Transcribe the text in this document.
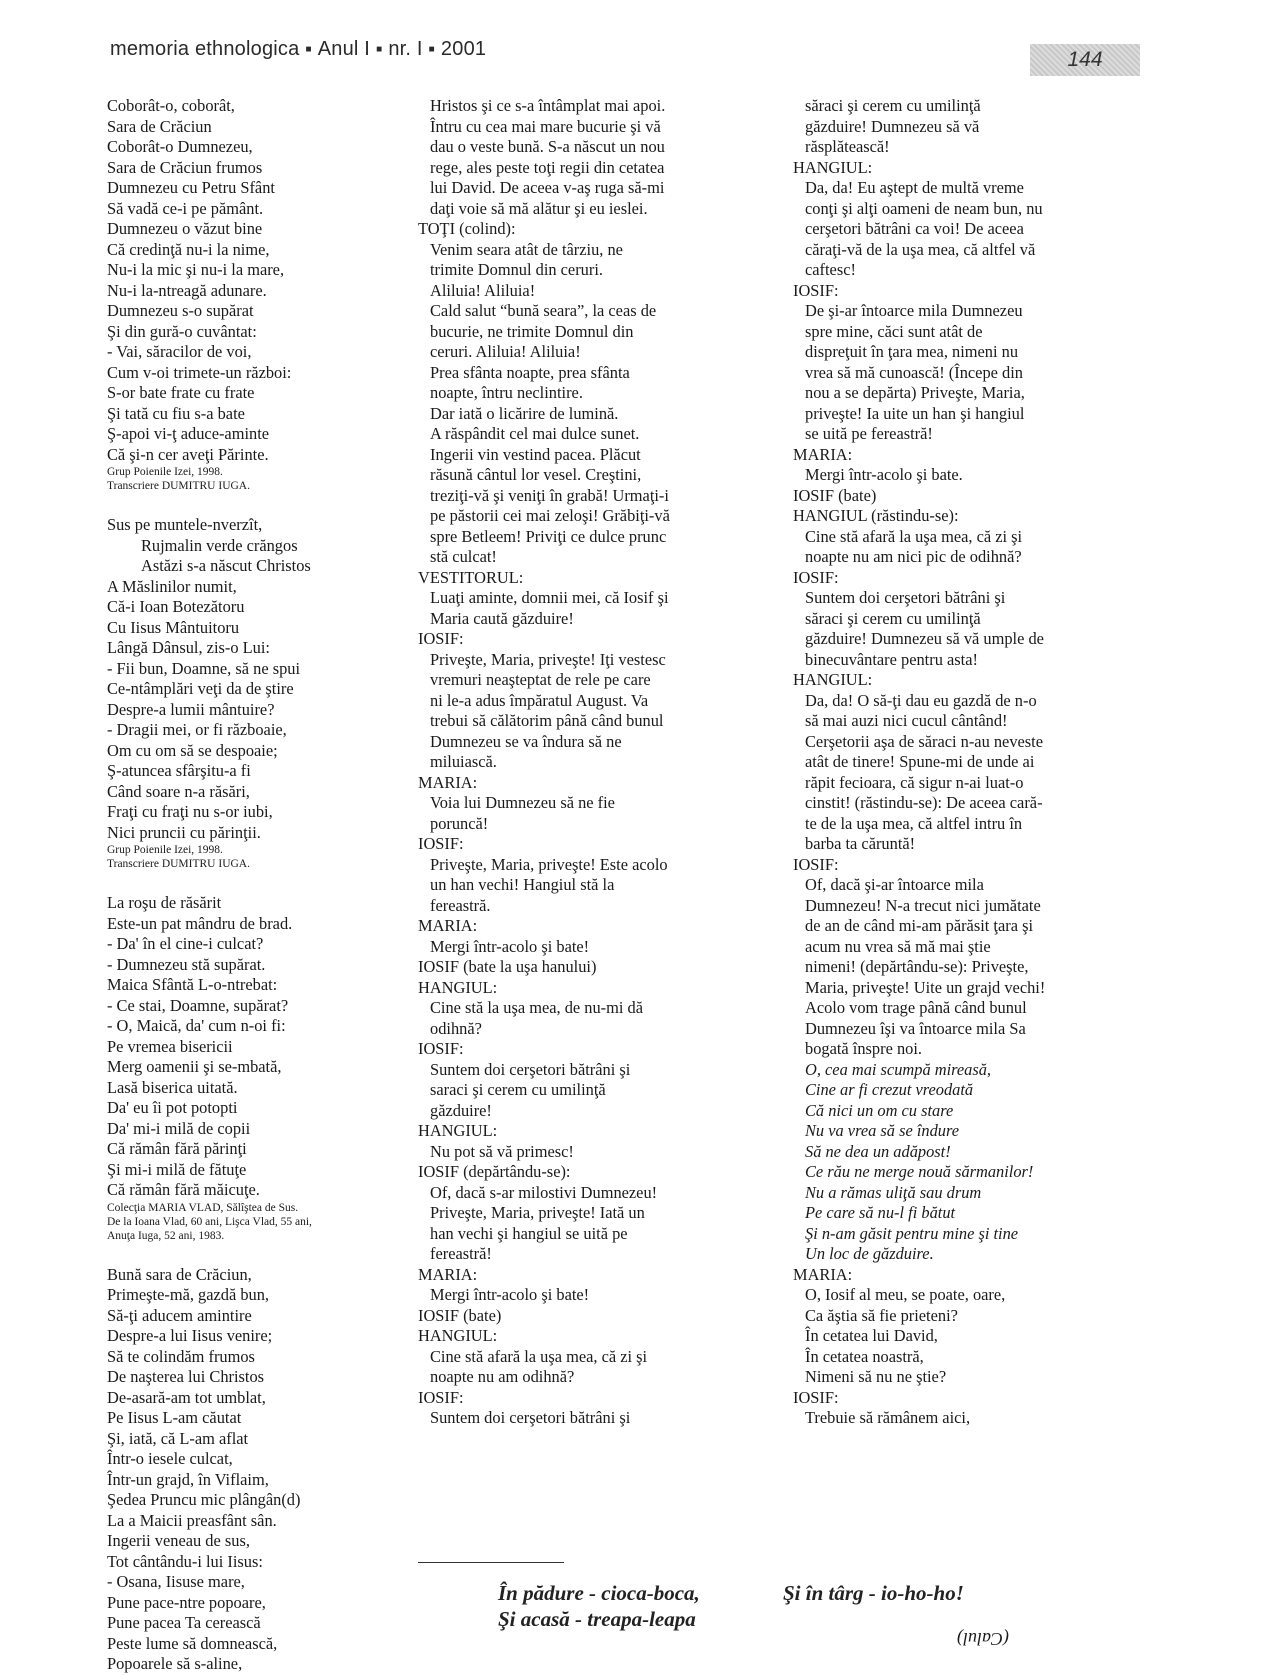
memoria ethnologica ■ Anul I ■ nr. I ■ 2001	144
Coborât-o, coborât,
Sara de Crăciun
Coborât-o Dumnezeu,
Sara de Crăciun frumos
Dumnezeu cu Petru Sfânt
Să vadă ce-i pe pământ.
Dumnezeu o văzut bine
Că credinţă nu-i la nime,
Nu-i la mic şi nu-i la mare,
Nu-i la-ntreagă adunare.
Dumnezeu s-o supărat
Şi din gură-o cuvântat:
- Vai, săracilor de voi,
Cum v-oi trimete-un război:
S-or bate frate cu frate
Şi tată cu fiu s-a bate
Ş-apoi vi-ţ aduce-aminte
Că şi-n cer aveţi Părinte.
Grup Poienile Izei, 1998.
Transcriere DUMITRU IUGA.
Sus pe muntele-nverzît,
Rujmalin verde crăngos
Astăzi s-a născut Christos
A Măslinilor numit,
Că-i Ioan Botezătoru
Cu Iisus Mântuitoru
Lângă Dânsul, zis-o Lui:
- Fii bun, Doamne, să ne spui
Ce-ntâmplări veţi da de ştire
Despre-a lumii mântuire?
- Dragii mei, or fi războaie,
Om cu om să se despoaie;
Ş-atuncea sfârşitu-a fi
Când soare n-a răsări,
Fraţi cu fraţi nu s-or iubi,
Nici pruncii cu părinţii.
Grup Poienile Izei, 1998.
Transcriere DUMITRU IUGA.
La roşu de răsărit
Este-un pat mândru de brad.
- Da' în el cine-i culcat?
- Dumnezeu stă supărat.
Maica Sfântă L-o-ntrebat:
- Ce stai, Doamne, supărat?
- O, Maică, da' cum n-oi fi:
Pe vremea bisericii
Merg oamenii şi se-mbată,
Lasă biserica uitată.
Da' eu îi pot potopti
Da' mi-i milă de copii
Că rămân fără părinţi
Şi mi-i milă de fătuţe
Că rămân fără măicuţe.
Colecţia MARIA VLAD, Sălîştea de Sus.
De la Ioana Vlad, 60 ani, Lişca Vlad, 55 ani,
Anuţa Iuga, 52 ani, 1983.
Bună sara de Crăciun,
Primeşte-mă, gazdă bun,
Să-ţi aducem amintire
Despre-a lui Iisus venire;
Să te colindăm frumos
De naşterea lui Christos
De-asară-am tot umblat,
Pe Iisus L-am căutat
Şi, iată, că L-am aflat
Într-o iesele culcat,
Într-un grajd, în Viflaim,
Şedea Pruncu mic plângân(d)
La a Maicii preasfânt sân.
Ingerii veneau de sus,
Tot cântându-i lui Iisus:
- Osana, Iisuse mare,
Pune pace-ntre popoare,
Pune pacea Ta cerească
Peste lume să domnească,
Popoarele să s-aline,
Hristos şi ce s-a întâmplat mai apoi.
Întru cu cea mai mare bucurie şi vă
dau o veste bună. S-a născut un nou
rege, ales peste toţi regii din cetatea
lui David. De aceea v-aş ruga să-mi
daţi voie să mă alătur şi eu ieslei.
TOŢI (colind):
Venim seara atât de târziu, ne
trimite Domnul din ceruri.
Aliluia! Aliluia!
Cald salut “bună seara”, la ceas de
bucurie, ne trimite Domnul din
ceruri. Aliluia! Aliluia!
Prea sfânta noapte, prea sfânta
noapte, întru neclintire.
Dar iată o licărire de lumină.
A răspândit cel mai dulce sunet.
Ingerii vin vestind pacea. Plăcut
răsună cântul lor vesel. Creştini,
treziţi-vă şi veniţi în grabă! Urmaţi-i
pe păstorii cei mai zeloşi! Grăbiţi-vă
spre Betleem! Priviţi ce dulce prunc
stă culcat!
VESTITORUL:
Luaţi aminte, domnii mei, că Iosif şi
Maria caută găzduire!
IOSIF:
Priveşte, Maria, priveşte! Iţi vestesc
vremuri neaşteptat de rele pe care
ni le-a adus împăratul August. Va
trebui să călătorim până când bunul
Dumnezeu se va îndura să ne
miluiască.
MARIA:
Voia lui Dumnezeu să ne fie
poruncă!
IOSIF:
Priveşte, Maria, priveşte! Este acolo
un han vechi! Hangiul stă la
fereastră.
MARIA:
Mergi într-acolo şi bate!
IOSIF (bate la uşa hanului)
HANGIUL:
Cine stă la uşa mea, de nu-mi dă
odihnă?
IOSIF:
Suntem doi cerşetori bătrâni şi
saraci şi cerem cu umilinţă
găzduire!
HANGIUL:
Nu pot să vă primesc!
IOSIF (depărtându-se):
Of, dacă s-ar milostivi Dumnezeu!
Priveşte, Maria, priveşte! Iată un
han vechi şi hangiul se uită pe
fereastră!
MARIA:
Mergi într-acolo şi bate!
IOSIF (bate)
HANGIUL:
Cine stă afară la uşa mea, că zi şi
noapte nu am odihnă?
IOSIF:
Suntem doi cerşetori bătrâni şi
săraci şi cerem cu umilinţă
găzduire! Dumnezeu să vă
răsplătească!
HANGIUL:
Da, da! Eu aştept de multă vreme
conţi şi alţi oameni de neam bun, nu
cerşetori bătrâni ca voi! De aceea
căraţi-vă de la uşa mea, că altfel vă
caftesc!
IOSIF:
De şi-ar întoarce mila Dumnezeu
spre mine, căci sunt atât de
dispreţuit în ţara mea, nimeni nu
vrea să mă cunoască! (Începe din
nou a se depărta) Priveşte, Maria,
priveşte! Ia uite un han şi hangiul
se uită pe fereastră!
MARIA:
Mergi într-acolo şi bate.
IOSIF (bate)
HANGIUL (răstindu-se):
Cine stă afară la uşa mea, că zi şi
noapte nu am nici pic de odihnă?
IOSIF:
Suntem doi cerşetori bătrâni şi
săraci şi cerem cu umilinţă
găzduire! Dumnezeu să vă umple de
binecuvântare pentru asta!
HANGIUL:
Da, da! O să-ţi dau eu gazdă de n-o
să mai auzi nici cucul cântând!
Cerşetorii aşa de săraci n-au neveste
atât de tinere! Spune-mi de unde ai
răpit fecioara, că sigur n-ai luat-o
cinstit! (răstindu-se): De aceea cară-
te de la uşa mea, că altfel intru în
barba ta căruntă!
IOSIF:
Of, dacă şi-ar întoarce mila
Dumnezeu! N-a trecut nici jumătate
de an de când mi-am părăsit ţara şi
acum nu vrea să mă mai ştie
nimeni! (depărtându-se): Priveşte,
Maria, priveşte! Uite un grajd vechi!
Acolo vom trage până când bunul
Dumnezeu îşi va întoarce mila Sa
bogată înspre noi.
O, cea mai scumpă mireasă,
Cine ar fi crezut vreodată
Că nici un om cu stare
Nu va vrea să se îndure
Să ne dea un adăpost!
Ce rău ne merge nouă sărmanilor!
Nu a rămas uliţă sau drum
Pe care să nu-l fi bătut
Şi n-am găsit pentru mine şi tine
Un loc de găzduire.
MARIA:
O, Iosif al meu, se poate, oare,
Ca ăştia să fie prieteni?
În cetatea lui David,
În cetatea noastră,
Nimeni să nu ne ştie?
IOSIF:
Trebuie să rămânem aici,
În pădure - cioca-boca,
Şi acasă - treapa-leapa
Şi în târg - io-ho-ho!
(Calul)
